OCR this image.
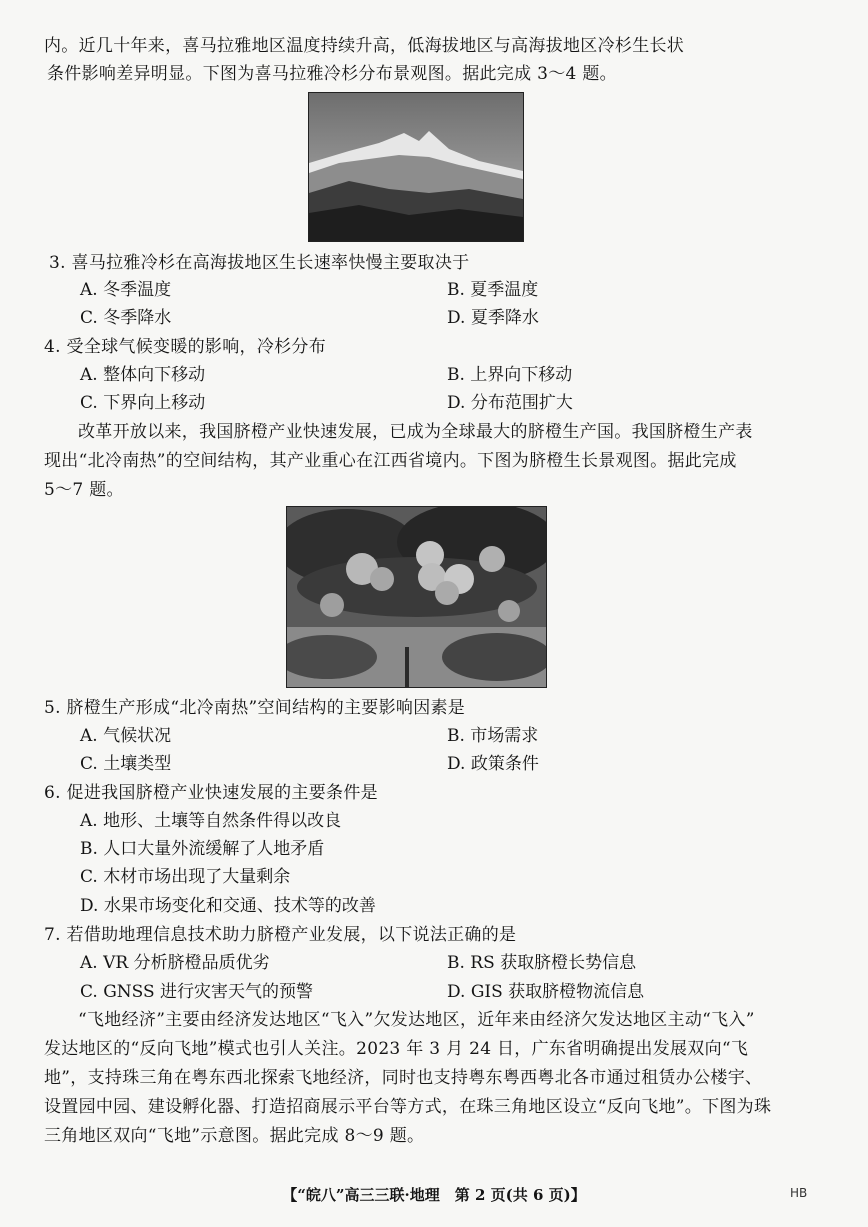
内。近几十年来，喜马拉雅地区温度持续升高，低海拔地区与高海拔地区冷杉生长状
条件影响差异明显。下图为喜马拉雅冷杉分布景观图。据此完成 3～4 题。
3. 喜马拉雅冷杉在高海拔地区生长速率快慢主要取决于
A. 冬季温度	B. 夏季温度
C. 冬季降水	D. 夏季降水
4. 受全球气候变暖的影响，冷杉分布
A. 整体向下移动	B. 上界向下移动
C. 下界向上移动	D. 分布范围扩大
改革开放以来，我国脐橙产业快速发展，已成为全球最大的脐橙生产国。我国脐橙生产表
现出“北冷南热”的空间结构，其产业重心在江西省境内。下图为脐橙生长景观图。据此完成
5～7 题。
5. 脐橙生产形成“北冷南热”空间结构的主要影响因素是
A. 气候状况	B. 市场需求
C. 土壤类型	D. 政策条件
6. 促进我国脐橙产业快速发展的主要条件是
A. 地形、土壤等自然条件得以改良
B. 人口大量外流缓解了人地矛盾
C. 木材市场出现了大量剩余
D. 水果市场变化和交通、技术等的改善
7. 若借助地理信息技术助力脐橙产业发展，以下说法正确的是
A. VR 分析脐橙品质优劣	B. RS 获取脐橙长势信息
C. GNSS 进行灾害天气的预警	D. GIS 获取脐橙物流信息
“飞地经济”主要由经济发达地区“飞入”欠发达地区，近年来由经济欠发达地区主动“飞入”
发达地区的“反向飞地”模式也引人关注。2023 年 3 月 24 日，广东省明确提出发展双向“飞
地”，支持珠三角在粤东西北探索飞地经济，同时也支持粤东粤西粤北各市通过租赁办公楼宇、
设置园中园、建设孵化器、打造招商展示平台等方式，在珠三角地区设立“反向飞地”。下图为珠
三角地区双向“飞地”示意图。据此完成 8～9 题。
【“皖八”高三三联·地理　第 2 页(共 6 页)】	HB
